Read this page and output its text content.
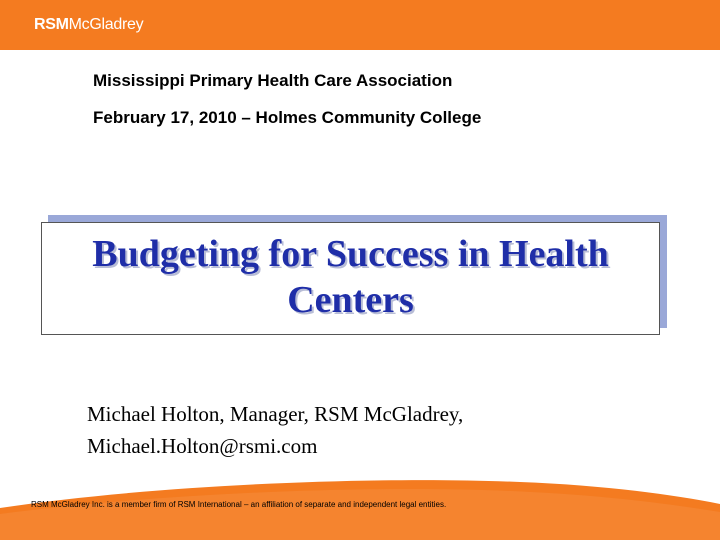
RSMMcGladrey
Mississippi Primary Health Care Association
February 17, 2010 – Holmes Community College
Budgeting for Success in Health Centers
Michael Holton, Manager, RSM McGladrey,
Michael.Holton@rsmi.com
RSM McGladrey Inc. is a member firm of RSM International – an affiliation of separate and independent legal entities.
